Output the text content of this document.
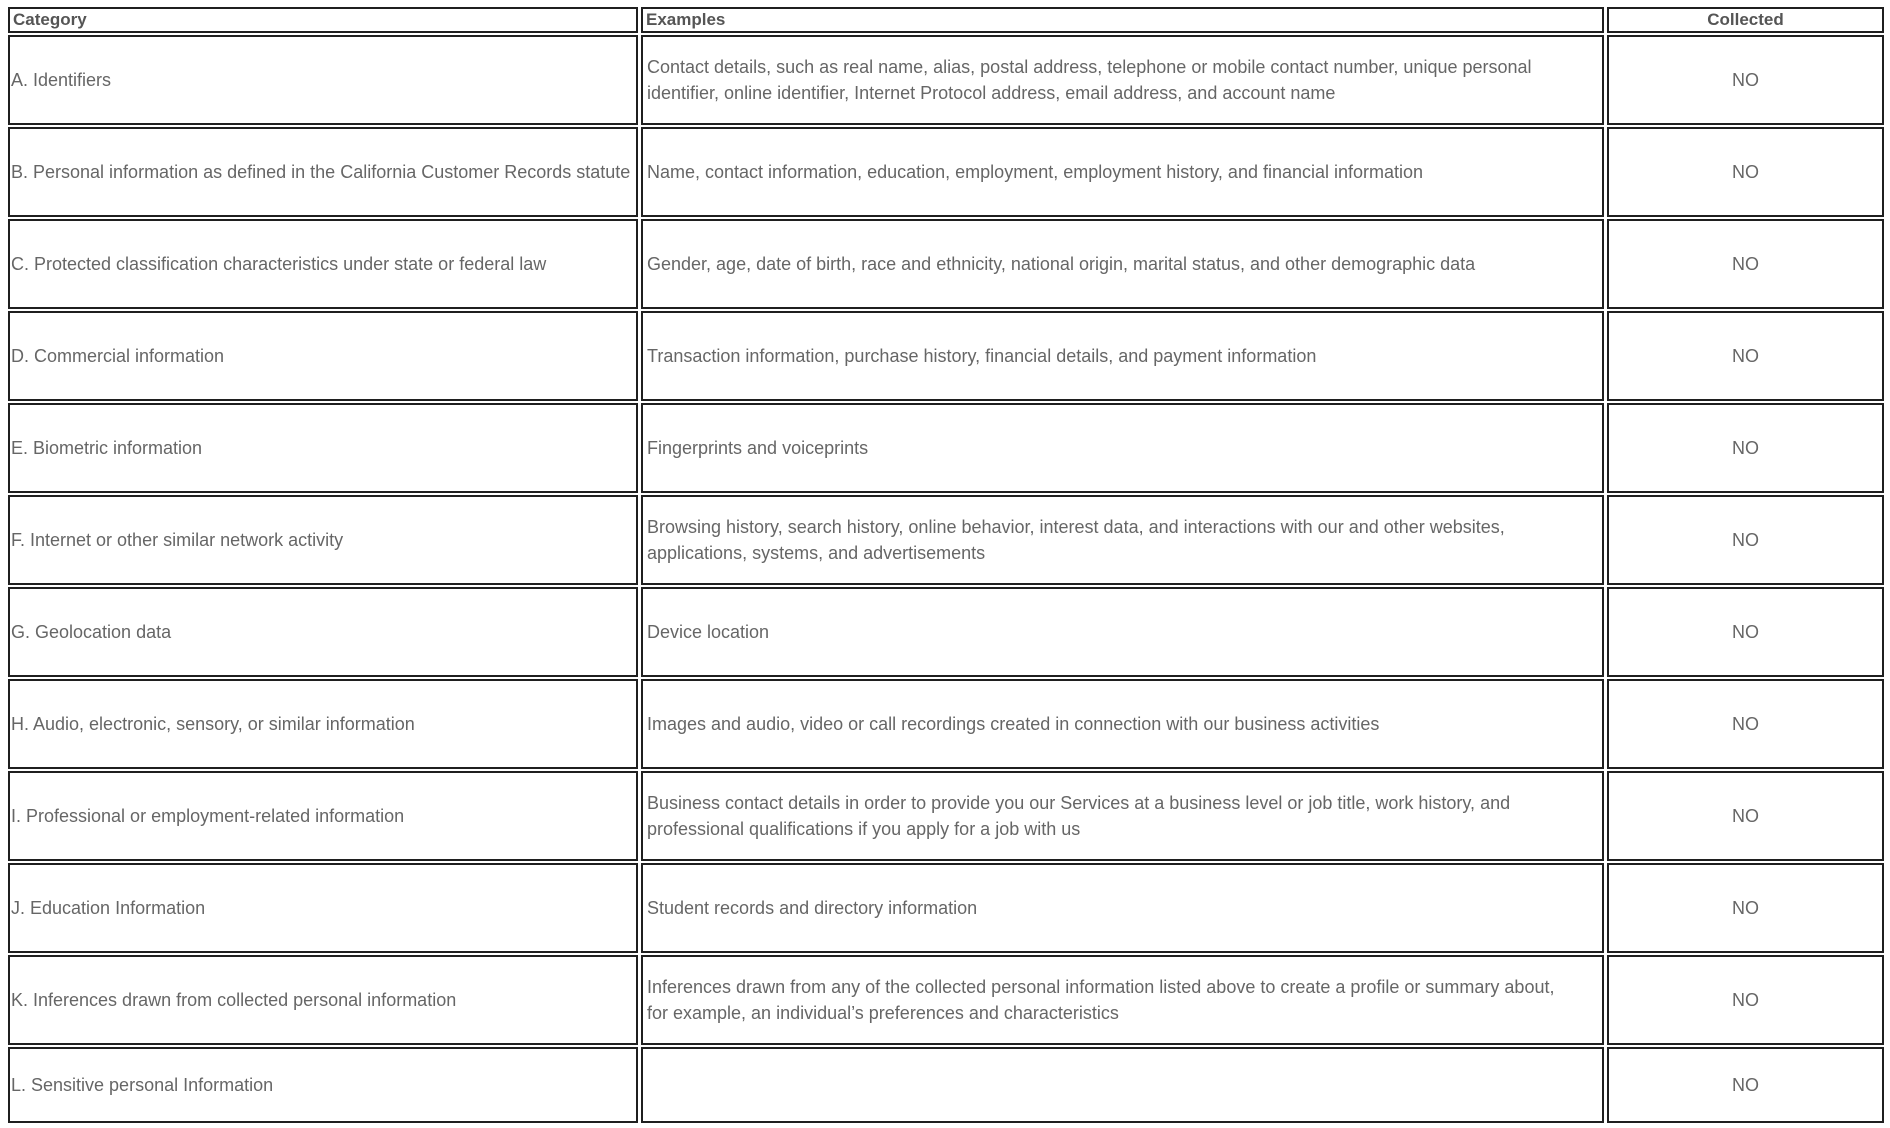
Category	Examples	Collected
A. Identifiers	Contact details, such as real name, alias, postal address, telephone or mobile contact number, unique personal identifier, online identifier, Internet Protocol address, email address, and account name	NO
B. Personal information as defined in the California Customer Records statute	Name, contact information, education, employment, employment history, and financial information	NO
C. Protected classification characteristics under state or federal law	Gender, age, date of birth, race and ethnicity, national origin, marital status, and other demographic data	NO
D. Commercial information	Transaction information, purchase history, financial details, and payment information	NO
E. Biometric information	Fingerprints and voiceprints	NO
F. Internet or other similar network activity	Browsing history, search history, online behavior, interest data, and interactions with our and other websites, applications, systems, and advertisements	NO
G. Geolocation data	Device location	NO
H. Audio, electronic, sensory, or similar information	Images and audio, video or call recordings created in connection with our business activities	NO
I. Professional or employment-related information	Business contact details in order to provide you our Services at a business level or job title, work history, and professional qualifications if you apply for a job with us	NO
J. Education Information	Student records and directory information	NO
K. Inferences drawn from collected personal information	Inferences drawn from any of the collected personal information listed above to create a profile or summary about, for example, an individual’s preferences and characteristics	NO
L. Sensitive personal Information		NO
